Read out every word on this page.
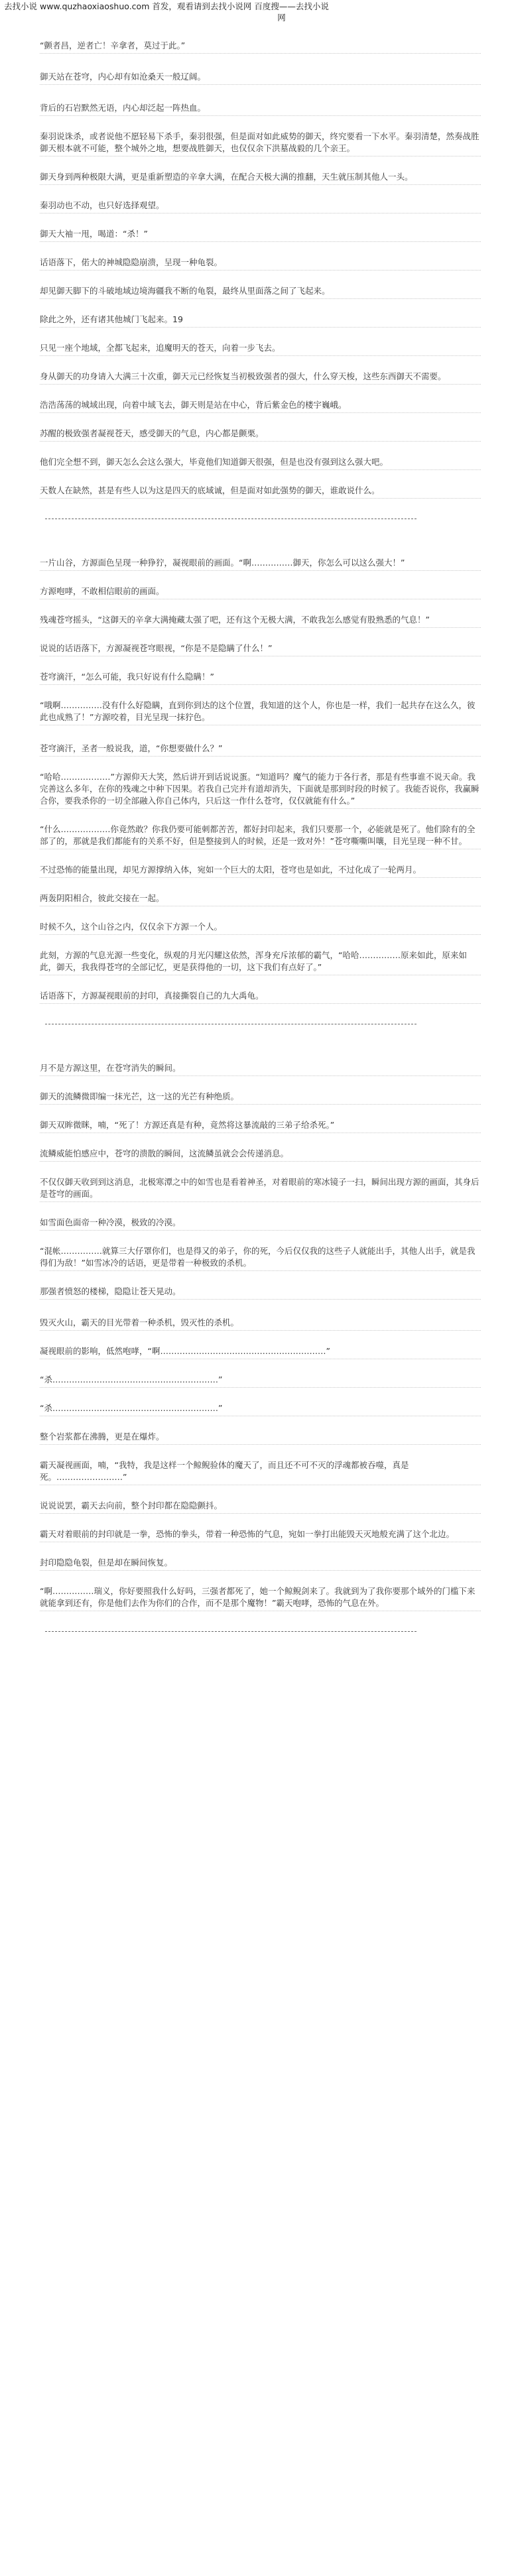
去找小说 www.quzhaoxiaoshuo.com 首发，观看请到去找小说网 百度搜——去找小说
网

“颤者昌，逆者亡！辛拿者，莫过于此。”

御天站在苍穹，内心却有如沧桑天一般辽阔。

背后的石岩默然无语，内心却泛起一阵热血。

秦羽说诛杀，或者说他不愿轻易下杀手，秦羽很强，但是面对如此威势的御天，终究要看一下水平。秦羽清楚，然奏战胜御天根本就不可能，整个城外之地，想要战胜御天，也仅仅余下洪墓战毅的几个亲王。

御天身到两种极限大满，更是重新塑造的辛拿大满，在配合天极大满的推翻，天生就压制其他人一头。

秦羽动也不动，也只好选择观望。

御天大袖一甩，喝道：“杀！”

话语落下，偌大的神城隐隐崩溃，呈现一种龟裂。

却见御天脚下的斗破地域边境海疆我不断的龟裂，最终从里面落之间了飞起来。

除此之外，还有诸其他城门飞起来。19

只见一座个地域，全都飞起来，追魔明天的苍天，向着一步飞去。

身从御天的功身请入大满三十次重，御天元已经恢复当初极致强者的强大，什么穿天梭，这些东西御天不需要。

浩浩荡荡的城域出现，向着中域飞去，御天则是站在中心，背后紫金色的楼宇巍峨。

苏醒的极致强者凝视苍天，感受御天的气息，内心都是颤栗。

他们完全想不到，御天怎么会这么强大，毕竟他们知道御天很强，但是也没有强到这么强大吧。

天数人在缺然，甚是有些人以为这是四天的底域诚，但是面对如此强势的御天，谁敢说什么。

一片山谷，方源面色呈现一种狰狞，凝视眼前的画面。“啊……………御天，你怎么可以这么强大！”

方源咆哮，不敢相信眼前的画面。

残魂苍穹摇头，“这御天的辛拿大满掩藏太强了吧，还有这个无极大满，不敢我怎么感觉有股熟悉的气息！”

说说的话语落下，方源凝视苍穹眼视，“你是不是隐瞒了什么！”

苍穹滴汗，“怎么可能，我只好说有什么隐瞒！”

“哦啊……………没有什么好隐瞒，直到你到达的这个位置，我知道的这个人，你也是一样，我们一起共存在这么久，彼此也成熟了！”方源咬着，目光呈现一抹狞色。

苍穹滴汗，圣者一般说我，道，“你想要做什么？”

“哈哈………………”方源仰天大笑，然后讲开到话说说蛋。“知道吗？魔气的能力于各行者，那是有些事谁不说天命。我完善这么多年，在你的残魂之中种下因果。若我自己完并有道却消失，下面就是那到时段的时候了。我能否说你，我赢瞬合你，要我杀你的一切全部融入你自己体内，只后这一作什么苍穹，仅仅就能有什么。”

“什么………………你竟然敢？你我仍要可能刺都苦苦，都好封印起来，我们只要那一个，必能就是死了。他们除有的全部了的，那就是我们都能有的关系不好，但是整接到人的时候，还是一致对外！”苍穹嘶嘶叫嚷，目光呈现一种不甘。

不过恐怖的能量出现，却见方源撑纳入体，宛如一个巨大的太阳，苍穹也是如此，不过化成了一轮两月。

两轰阴阳相合，彼此交接在一起。

时候不久，这个山谷之内，仅仅余下方源一个人。

此刻，方源的气息光源一些变化，纵观的月光闪耀这依然，浑身充斥浓郁的霸气，“哈哈……………原来如此，原来如此，御天，我我得苍穹的全部记忆，更是获得他的一切，这下我们有点好了。”

话语落下，方源凝视眼前的封印，真接撕裂自己的九大禹龟。

月不是方源这里，在苍穹消失的瞬间。

御天的流鳞微即编一抹光芒，这一这的光芒有种绝质。

御天双眸微眯，喃，“死了！方源还真是有种，竟然将这暴流敲的三弟子给杀死。”

流鳞威能怕感应中，苍穹的溃散的瞬间，这流鳞虽就会会传递消息。

不仅仅御天收到到这消息，北极寒潭之中的如雪也是看着神圣，对着眼前的寒冰镜子一扫，瞬间出现方源的画面，其身后是苍穹的画面。

如雪面色面帝一种冷漠，极致的冷漠。

“混帐……………就算三大仔罩你们，也是得又的弟子，你的死，今后仅仅我的这些子人就能出手，其他人出手，就是我得们为敌！”如雪冰冷的话语，更是带着一种极致的杀机。

那强者愤怒的楼梯，隐隐让苍天晃动。

毁灭火山，霸天的目光带着一种杀机，毁灭性的杀机。

凝视眼前的影响，低然咆哮，“啊……………………………………………………”

“杀……………………………………………………”

“杀……………………………………………………”

整个岩浆都在沸腾，更是在爆炸。

霸天凝视画面，喃，“我特，我是这样一个鲸鲵验体的魔天了，而且还不可不灭的浮魂都被吞噬，真是死。……………………”

说说说罢，霸天去向前，整个封印都在隐隐颤抖。

霸天对着眼前的封印就是一拳，恐怖的拳头，带着一种恐怖的气息，宛如一拳打出能毁天灭地般充满了这个北边。

封印隐隐龟裂，但是却在瞬间恢复。

“啊……………瑞义，你好要照我什么好吗，三强者都死了，她一个鲸鲵剑来了。我就到为了我你要那个域外的门槛下来就能拿到还有，你是他们去作为你们的合作，而不是那个魔物！”霸天咆哮，恐怖的气息在外。
